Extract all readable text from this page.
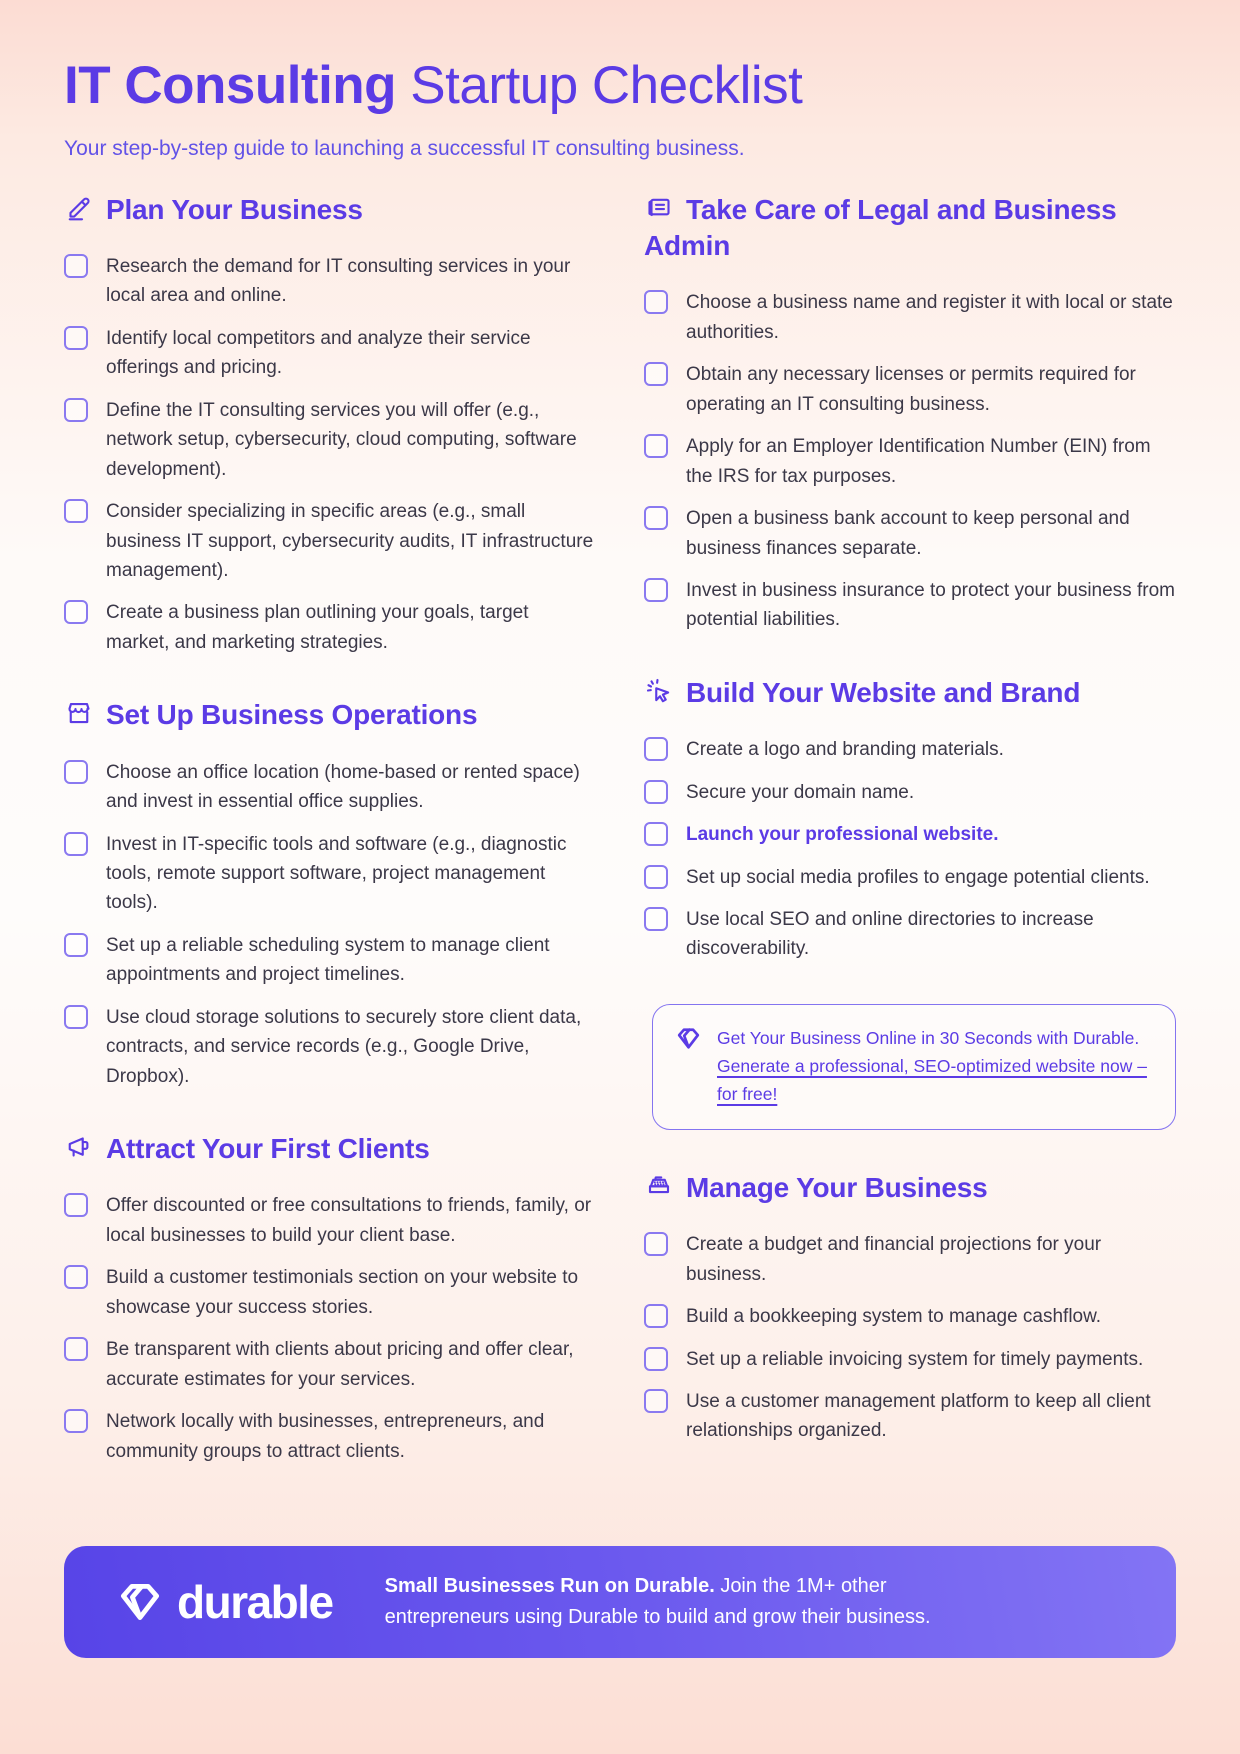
IT Consulting Startup Checklist

Your step-by-step guide to launching a successful IT consulting business.

Plan Your Business

Research the demand for IT consulting services in your local area and online.

Identify local competitors and analyze their service offerings and pricing.

Define the IT consulting services you will offer (e.g., network setup, cybersecurity, cloud computing, software development).

Consider specializing in specific areas (e.g., small business IT support, cybersecurity audits, IT infrastructure management).

Create a business plan outlining your goals, target market, and marketing strategies.

Set Up Business Operations

Choose an office location (home-based or rented space) and invest in essential office supplies.

Invest in IT-specific tools and software (e.g., diagnostic tools, remote support software, project management tools).

Set up a reliable scheduling system to manage client appointments and project timelines.

Use cloud storage solutions to securely store client data, contracts, and service records (e.g., Google Drive, Dropbox).

Attract Your First Clients

Offer discounted or free consultations to friends, family, or local businesses to build your client base.

Build a customer testimonials section on your website to showcase your success stories.

Be transparent with clients about pricing and offer clear, accurate estimates for your services.

Network locally with businesses, entrepreneurs, and community groups to attract clients.

Take Care of Legal and Business Admin

Choose a business name and register it with local or state authorities.

Obtain any necessary licenses or permits required for operating an IT consulting business.

Apply for an Employer Identification Number (EIN) from the IRS for tax purposes.

Open a business bank account to keep personal and business finances separate.

Invest in business insurance to protect your business from potential liabilities.

Build Your Website and Brand

Create a logo and branding materials.

Secure your domain name.

Launch your professional website.

Set up social media profiles to engage potential clients.

Use local SEO and online directories to increase discoverability.

Get Your Business Online in 30 Seconds with Durable. Generate a professional, SEO-optimized website now – for free!

Manage Your Business

Create a budget and financial projections for your business.

Build a bookkeeping system to manage cashflow.

Set up a reliable invoicing system for timely payments.

Use a customer management platform to keep all client relationships organized.

durable	Small Businesses Run on Durable. Join the 1M+ other entrepreneurs using Durable to build and grow their business.
